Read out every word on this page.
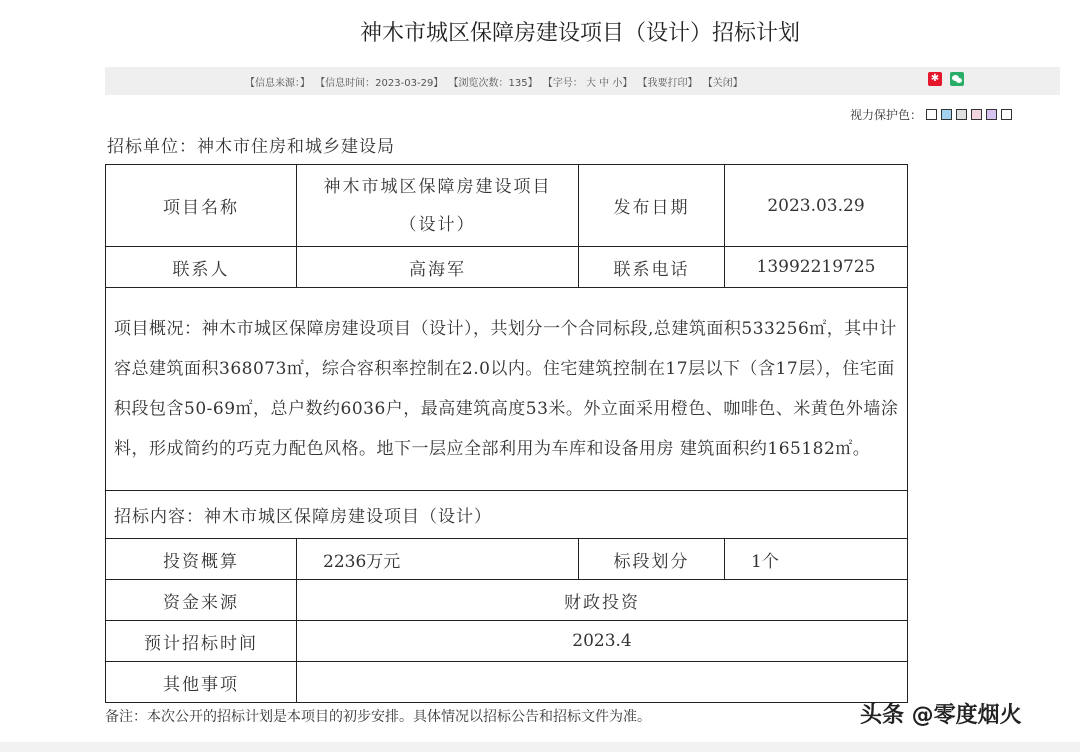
神木市城区保障房建设项目（设计）招标计划
【信息来源：】 【信息时间：2023-03-29】 【浏览次数：135】 【字号： 大 中 小】 【我要打印】 【关闭】	✱
视力保护色：
招标单位：神木市住房和城乡建设局
项目名称	神木市城区保障房建设项目（设计）	发布日期	2023.03.29
联系人	高海军	联系电话	13992219725
项目概况：神木市城区保障房建设项目（设计），共划分一个合同标段,总建筑面积533256㎡，其中计容总建筑面积368073㎡，综合容积率控制在2.0以内。住宅建筑控制在17层以下（含17层），住宅面积段包含50-69㎡，总户数约6036户，最高建筑高度53米。外立面采用橙色、咖啡色、米黄色外墙涂料，形成简约的巧克力配色风格。地下一层应全部利用为车库和设备用房 建筑面积约165182㎡。			
招标内容：神木市城区保障房建设项目（设计）			
投资概算	2236万元	标段划分	1个
资金来源	财政投资		
预计招标时间	2023.4		
其他事项			
备注：本次公开的招标计划是本项目的初步安排。具体情况以招标公告和招标文件为准。	头条 @零度烟火
